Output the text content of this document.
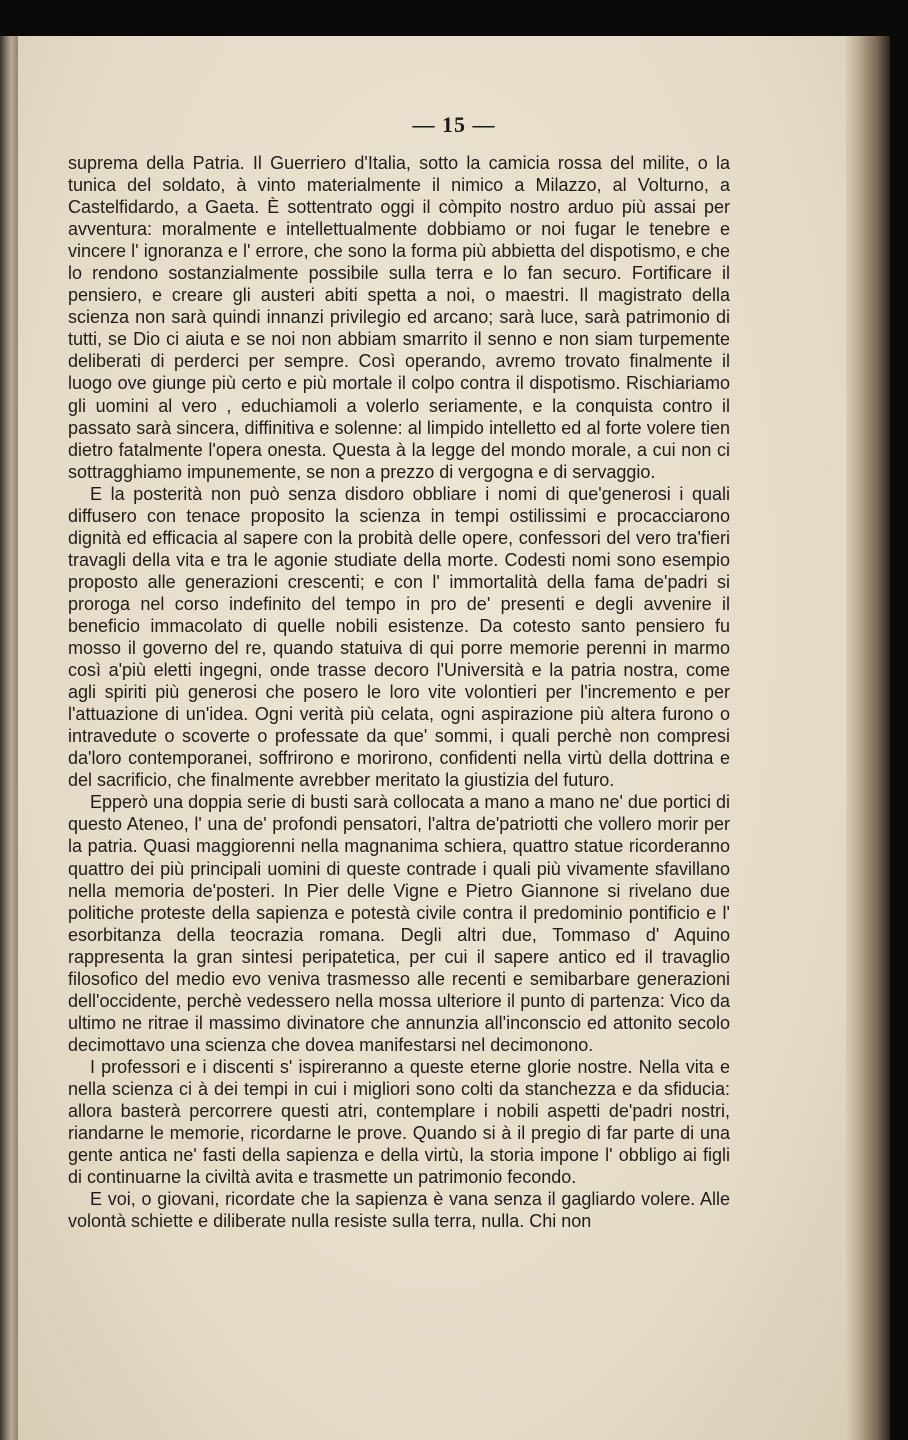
— 15 —

suprema della Patria. Il Guerriero d'Italia, sotto la camicia rossa del milite, o la tunica del soldato, à vinto materialmente il nimico a Milazzo, al Volturno, a Castelfidardo, a Gaeta. È sottentrato oggi il còmpito nostro arduo più assai per avventura: moralmente e intellettualmente dobbiamo or noi fugar le tenebre e vincere l' ignoranza e l' errore, che sono la forma più abbietta del dispotismo, e che lo rendono sostanzialmente possibile sulla terra e lo fan securo. Fortificare il pensiero, e creare gli austeri abiti spetta a noi, o maestri. Il magistrato della scienza non sarà quindi innanzi privilegio ed arcano; sarà luce, sarà patrimonio di tutti, se Dio ci aiuta e se noi non abbiam smarrito il senno e non siam turpemente deliberati di perderci per sempre. Così operando, avremo trovato finalmente il luogo ove giunge più certo e più mortale il colpo contra il dispotismo. Rischiariamo gli uomini al vero , educhiamoli a volerlo seriamente, e la conquista contro il passato sarà sincera, diffinitiva e solenne: al limpido intelletto ed al forte volere tien dietro fatalmente l'opera onesta. Questa à la legge del mondo morale, a cui non ci sottragghiamo impunemente, se non a prezzo di vergogna e di servaggio.

E la posterità non può senza disdoro obbliare i nomi di que'generosi i quali diffusero con tenace proposito la scienza in tempi ostilissimi e procacciarono dignità ed efficacia al sapere con la probità delle opere, confessori del vero tra'fieri travagli della vita e tra le agonie studiate della morte. Codesti nomi sono esempio proposto alle generazioni crescenti; e con l' immortalità della fama de'padri si proroga nel corso indefinito del tempo in pro de' presenti e degli avvenire il beneficio immacolato di quelle nobili esistenze. Da cotesto santo pensiero fu mosso il governo del re, quando statuiva di qui porre memorie perenni in marmo così a'più eletti ingegni, onde trasse decoro l'Università e la patria nostra, come agli spiriti più generosi che posero le loro vite volontieri per l'incremento e per l'attuazione di un'idea. Ogni verità più celata, ogni aspirazione più altera furono o intravedute o scoverte o professate da que' sommi, i quali perchè non compresi da'loro contemporanei, soffrirono e morirono, confidenti nella virtù della dottrina e del sacrificio, che finalmente avrebber meritato la giustizia del futuro.

Epperò una doppia serie di busti sarà collocata a mano a mano ne' due portici di questo Ateneo, l' una de' profondi pensatori, l'altra de'patriotti che vollero morir per la patria. Quasi maggiorenni nella magnanima schiera, quattro statue ricorderanno quattro dei più principali uomini di queste contrade i quali più vivamente sfavillano nella memoria de'posteri. In Pier delle Vigne e Pietro Giannone si rivelano due politiche proteste della sapienza e potestà civile contra il predominio pontificio e l' esorbitanza della teocrazia romana. Degli altri due, Tommaso d' Aquino rappresenta la gran sintesi peripatetica, per cui il sapere antico ed il travaglio filosofico del medio evo veniva trasmesso alle recenti e semibarbare generazioni dell'occidente, perchè vedessero nella mossa ulteriore il punto di partenza: Vico da ultimo ne ritrae il massimo divinatore che annunzia all'inconscio ed attonito secolo decimottavo una scienza che dovea manifestarsi nel decimonono.

I professori e i discenti s' ispireranno a queste eterne glorie nostre. Nella vita e nella scienza ci à dei tempi in cui i migliori sono colti da stanchezza e da sfiducia: allora basterà percorrere questi atri, contemplare i nobili aspetti de'padri nostri, riandarne le memorie, ricordarne le prove. Quando si à il pregio di far parte di una gente antica ne' fasti della sapienza e della virtù, la storia impone l' obbligo ai figli di continuarne la civiltà avita e trasmette un patrimonio fecondo.

E voi, o giovani, ricordate che la sapienza è vana senza il gagliardo volere. Alle volontà schiette e diliberate nulla resiste sulla terra, nulla. Chi non
